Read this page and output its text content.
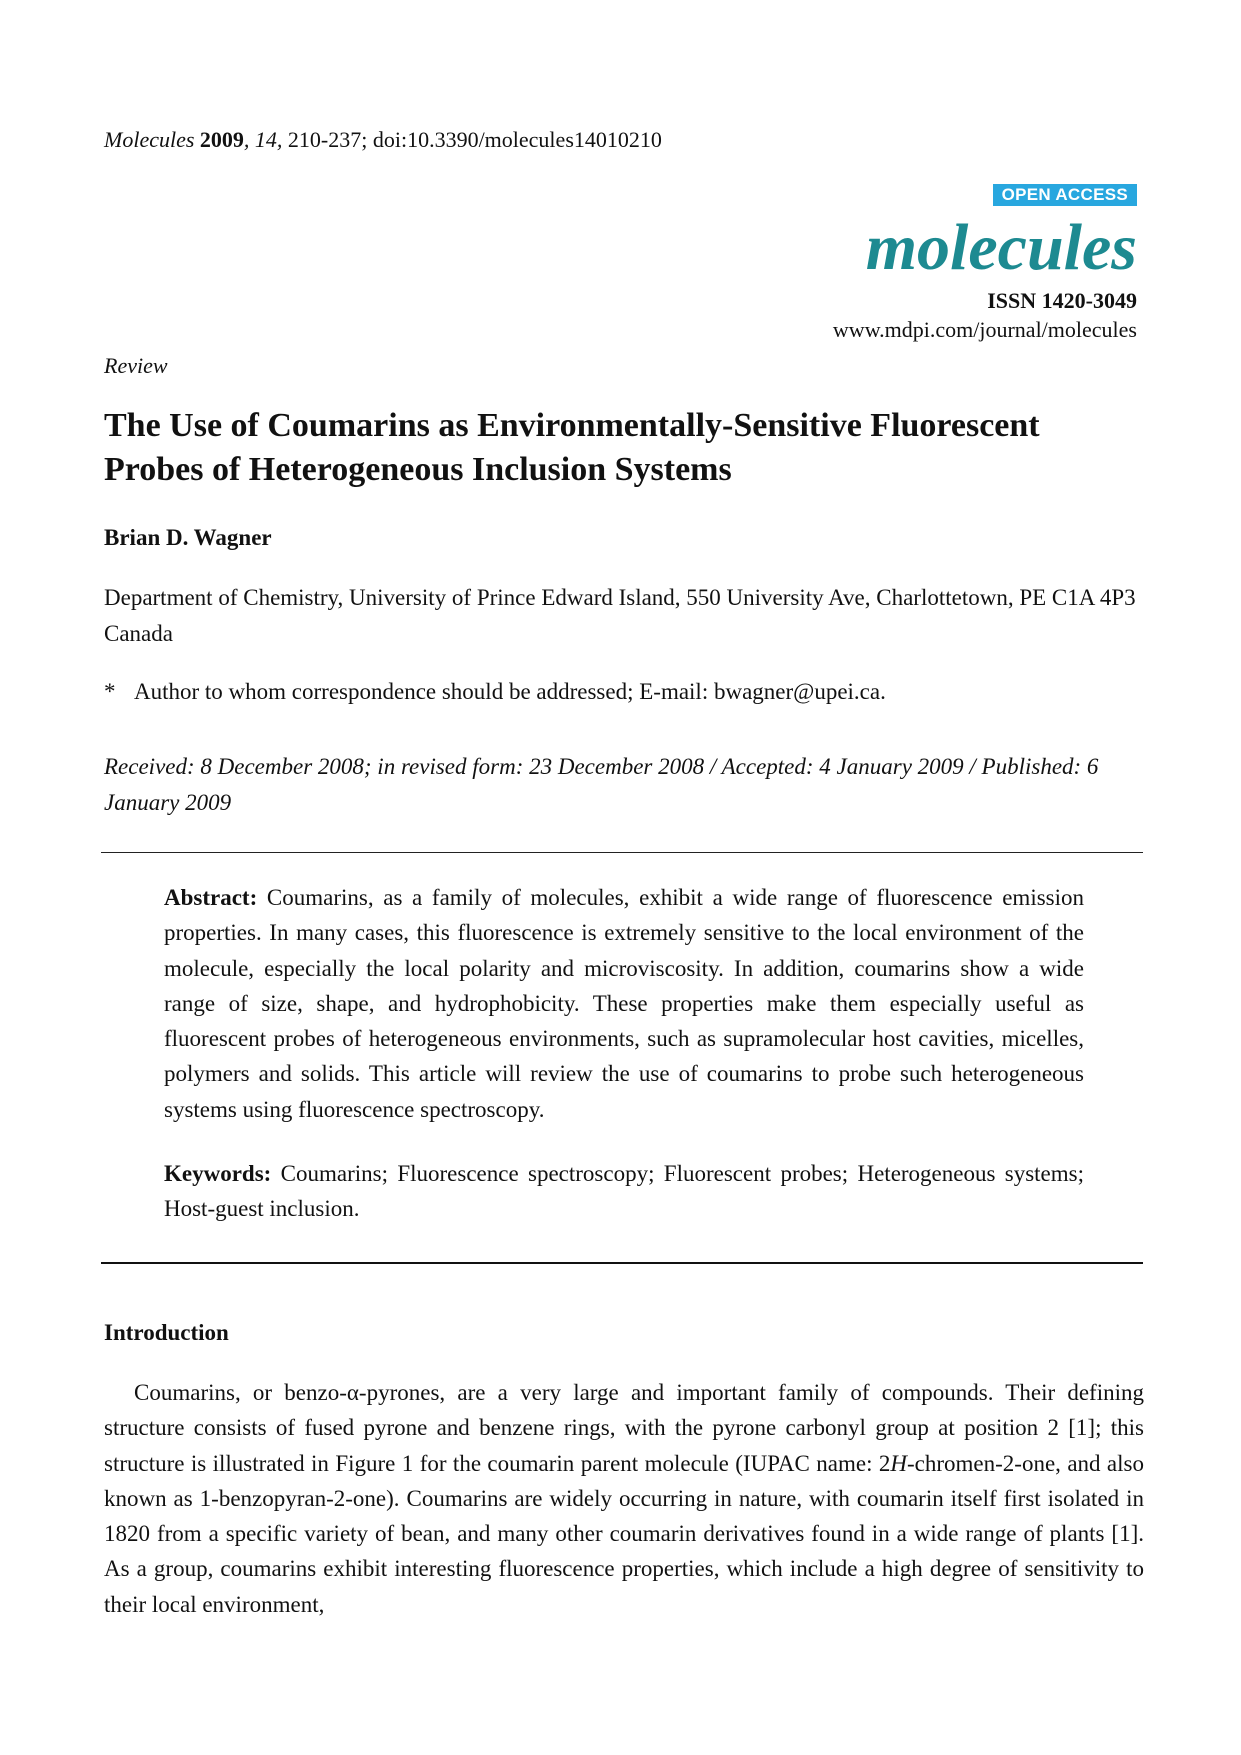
Molecules 2009, 14, 210-237; doi:10.3390/molecules14010210
OPEN ACCESS
molecules
ISSN 1420-3049
www.mdpi.com/journal/molecules
Review
The Use of Coumarins as Environmentally-Sensitive Fluorescent Probes of Heterogeneous Inclusion Systems
Brian D. Wagner
Department of Chemistry, University of Prince Edward Island, 550 University Ave, Charlottetown, PE C1A 4P3 Canada
* Author to whom correspondence should be addressed; E-mail: bwagner@upei.ca.
Received: 8 December 2008; in revised form: 23 December 2008 / Accepted: 4 January 2009 / Published: 6 January 2009
Abstract: Coumarins, as a family of molecules, exhibit a wide range of fluorescence emission properties. In many cases, this fluorescence is extremely sensitive to the local environment of the molecule, especially the local polarity and microviscosity. In addition, coumarins show a wide range of size, shape, and hydrophobicity. These properties make them especially useful as fluorescent probes of heterogeneous environments, such as supramolecular host cavities, micelles, polymers and solids. This article will review the use of coumarins to probe such heterogeneous systems using fluorescence spectroscopy.
Keywords: Coumarins; Fluorescence spectroscopy; Fluorescent probes; Heterogeneous systems; Host-guest inclusion.
Introduction
Coumarins, or benzo-α-pyrones, are a very large and important family of compounds. Their defining structure consists of fused pyrone and benzene rings, with the pyrone carbonyl group at position 2 [1]; this structure is illustrated in Figure 1 for the coumarin parent molecule (IUPAC name: 2H-chromen-2-one, and also known as 1-benzopyran-2-one). Coumarins are widely occurring in nature, with coumarin itself first isolated in 1820 from a specific variety of bean, and many other coumarin derivatives found in a wide range of plants [1]. As a group, coumarins exhibit interesting fluorescence properties, which include a high degree of sensitivity to their local environment,
